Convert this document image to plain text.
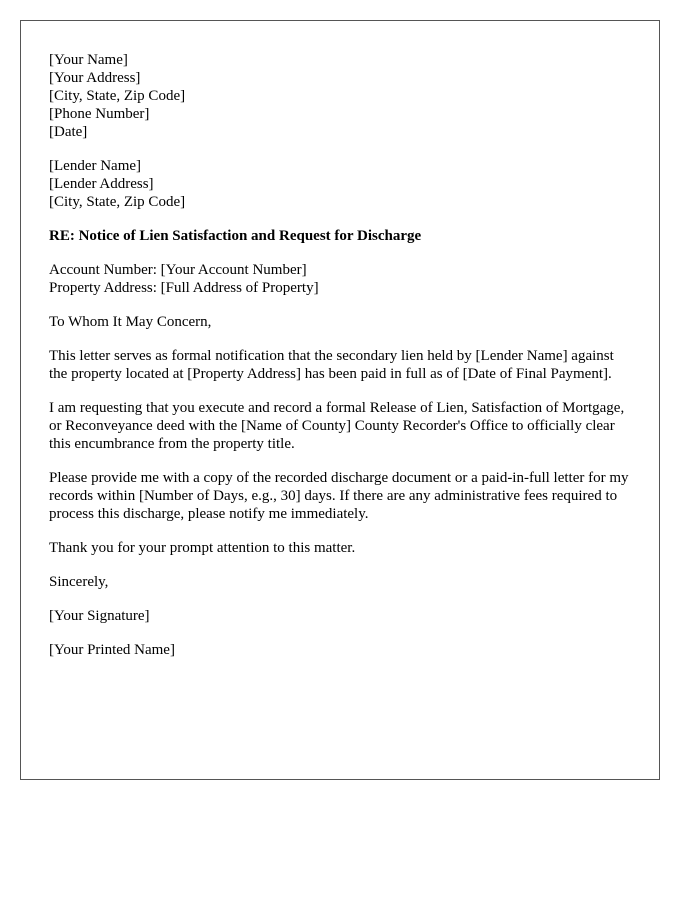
[Your Name]
[Your Address]
[City, State, Zip Code]
[Phone Number]
[Date]
[Lender Name]
[Lender Address]
[City, State, Zip Code]

RE: Notice of Lien Satisfaction and Request for Discharge

Account Number: [Your Account Number]
Property Address: [Full Address of Property]

To Whom It May Concern,

This letter serves as formal notification that the secondary lien held by [Lender Name] against the property located at [Property Address] has been paid in full as of [Date of Final Payment].

I am requesting that you execute and record a formal Release of Lien, Satisfaction of Mortgage, or Reconveyance deed with the [Name of County] County Recorder's Office to officially clear this encumbrance from the property title.

Please provide me with a copy of the recorded discharge document or a paid-in-full letter for my records within [Number of Days, e.g., 30] days. If there are any administrative fees required to process this discharge, please notify me immediately.

Thank you for your prompt attention to this matter.

Sincerely,

[Your Signature]

[Your Printed Name]
